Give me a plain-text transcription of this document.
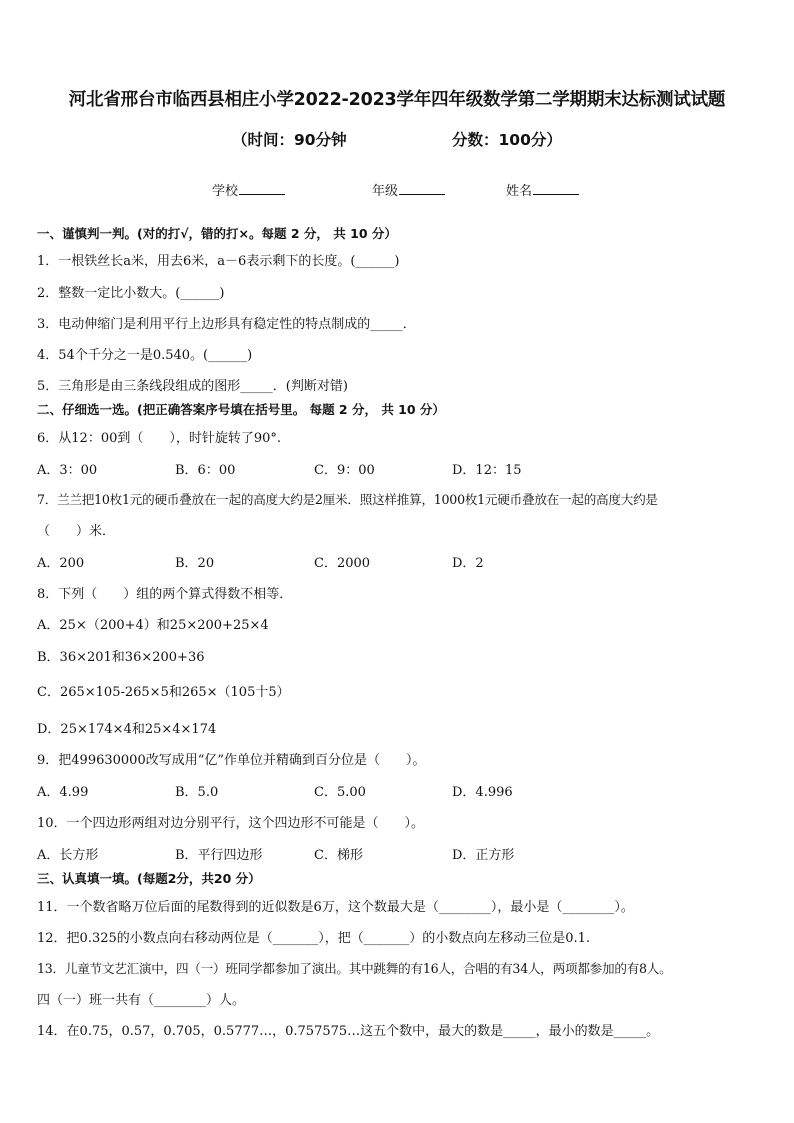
河北省邢台市临西县相庄小学2022-2023学年四年级数学第二学期期末达标测试试题
（时间：90分钟	分数：100分）
学校	年级	姓名
一、谨慎判一判。(对的打√，错的打×。每题 2 分， 共 10 分）
1．一根铁丝长a米，用去6米，a－6表示剩下的长度。(______)
2．整数一定比小数大。(______)
3．电动伸缩门是利用平行上边形具有稳定性的特点制成的_____．
4．54个千分之一是0.540。(______)
5．三角形是由三条线段组成的图形_____．(判断对错)
二、仔细选一选。(把正确答案序号填在括号里。 每题 2 分， 共 10 分）
6．从12：00到（　　），时针旋转了90°.
A．3：00	B．6：00	C．9：00	D．12：15
7．兰兰把10枚1元的硬币叠放在一起的高度大约是2厘米．照这样推算，1000枚1元硬币叠放在一起的高度大约是
（　　）米．
A．200	B．20	C．2000	D．2
8．下列（　　）组的两个算式得数不相等．
A．25×（200+4）和25×200+25×4
B．36×201和36×200+36
C．265×105-265×5和265×（105十5）
D．25×174×4和25×4×174
9．把499630000改写成用“亿”作单位并精确到百分位是（　　）。
A．4.99	B．5.0	C．5.00	D．4.996
10．一个四边形两组对边分别平行，这个四边形不可能是（　　）。
A．长方形	B．平行四边形	C．梯形	D．正方形
三、认真填一填。(每题2分，共20 分）
11．一个数省略万位后面的尾数得到的近似数是6万，这个数最大是（________），最小是（________）。
12．把0.325的小数点向右移动两位是（_______），把（_______）的小数点向左移动三位是0.1.
13．儿童节文艺汇演中，四（一）班同学都参加了演出。其中跳舞的有16人，合唱的有34人，两项都参加的有8人。
四（一）班一共有（________）人。
14．在0.75，0.57，0.705，0.5777…，0.757575…这五个数中，最大的数是_____，最小的数是_____。
